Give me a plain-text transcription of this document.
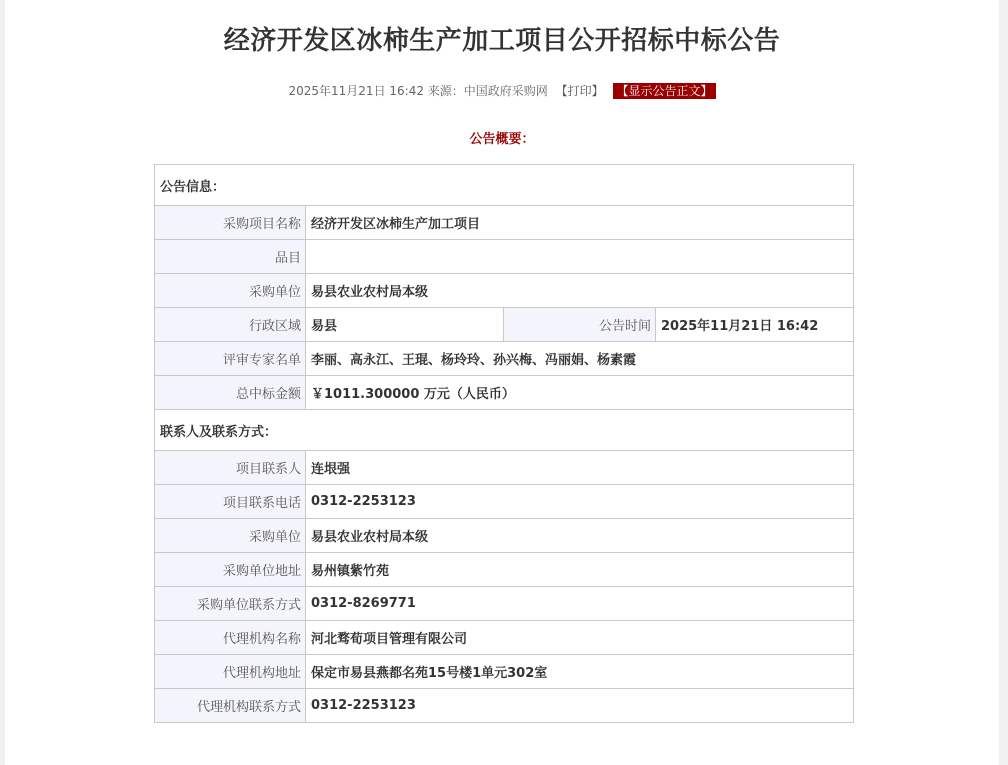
经济开发区冰柿生产加工项目公开招标中标公告
2025年11月21日 16:42 来源：中国政府采购网 【打印】 【显示公告正文】
公告概要：
公告信息：			
采购项目名称	经济开发区冰柿生产加工项目		
品目			
采购单位	易县农业农村局本级		
行政区域	易县	公告时间	2025年11月21日 16:42
评审专家名单	李丽、高永江、王琨、杨玲玲、孙兴梅、冯丽娟、杨素霞		
总中标金额	￥1011.300000 万元（人民币）		
联系人及联系方式：			
项目联系人	连垠强		
项目联系电话	0312-2253123		
采购单位	易县农业农村局本级		
采购单位地址	易州镇紫竹苑		
采购单位联系方式	0312-8269771		
代理机构名称	河北骛荀项目管理有限公司		
代理机构地址	保定市易县燕都名苑15号楼1单元302室		
代理机构联系方式	0312-2253123		
